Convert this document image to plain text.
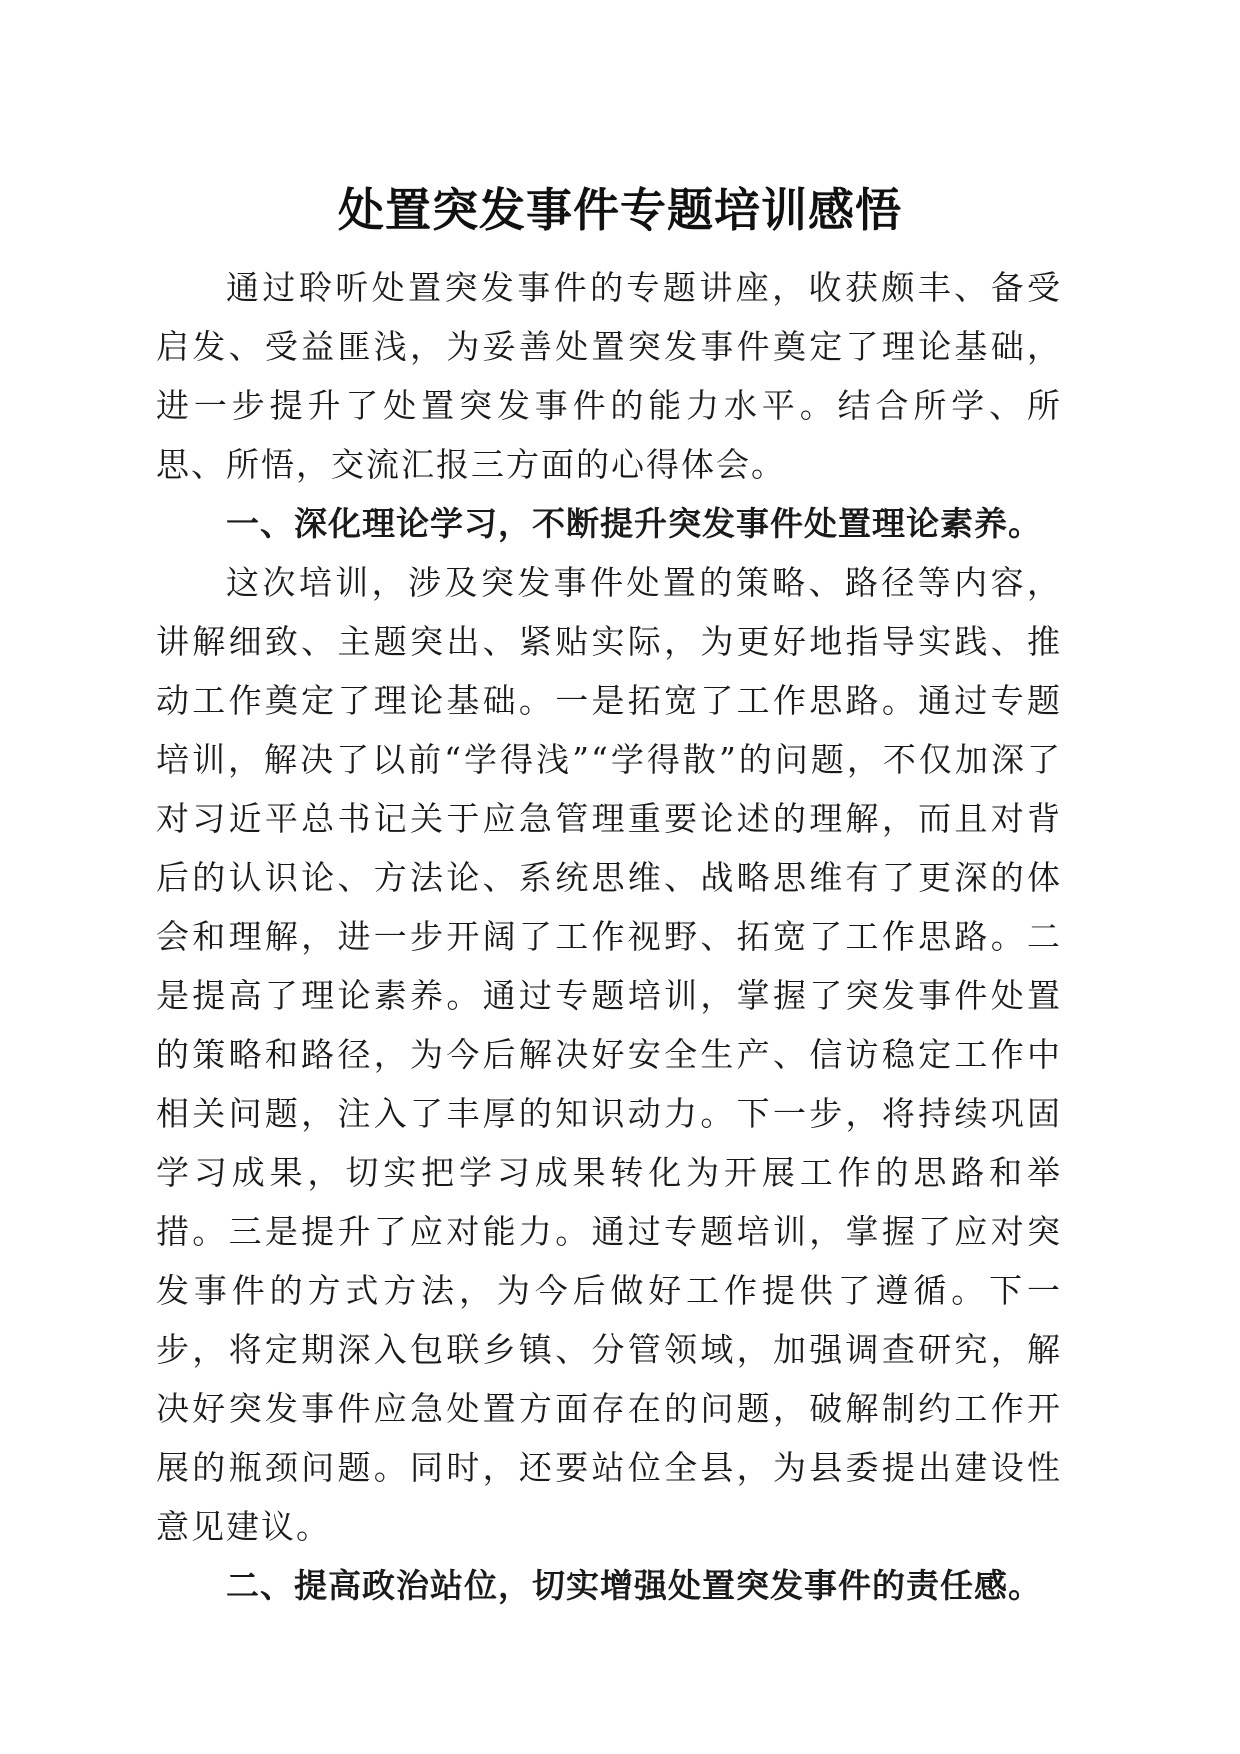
处置突发事件专题培训感悟

通过聆听处置突发事件的专题讲座，收获颇丰、备受启发、受益匪浅，为妥善处置突发事件奠定了理论基础，进一步提升了处置突发事件的能力水平。结合所学、所思、所悟，交流汇报三方面的心得体会。

一、深化理论学习，不断提升突发事件处置理论素养。

这次培训，涉及突发事件处置的策略、路径等内容，讲解细致、主题突出、紧贴实际，为更好地指导实践、推动工作奠定了理论基础。一是拓宽了工作思路。通过专题培训，解决了以前“学得浅”“学得散”的问题，不仅加深了对习近平总书记关于应急管理重要论述的理解，而且对背后的认识论、方法论、系统思维、战略思维有了更深的体会和理解，进一步开阔了工作视野、拓宽了工作思路。二是提高了理论素养。通过专题培训，掌握了突发事件处置的策略和路径，为今后解决好安全生产、信访稳定工作中相关问题，注入了丰厚的知识动力。下一步，将持续巩固学习成果，切实把学习成果转化为开展工作的思路和举措。三是提升了应对能力。通过专题培训，掌握了应对突发事件的方式方法，为今后做好工作提供了遵循。下一步，将定期深入包联乡镇、分管领域，加强调查研究，解决好突发事件应急处置方面存在的问题，破解制约工作开展的瓶颈问题。同时，还要站位全县，为县委提出建设性意见建议。

二、提高政治站位，切实增强处置突发事件的责任感。
